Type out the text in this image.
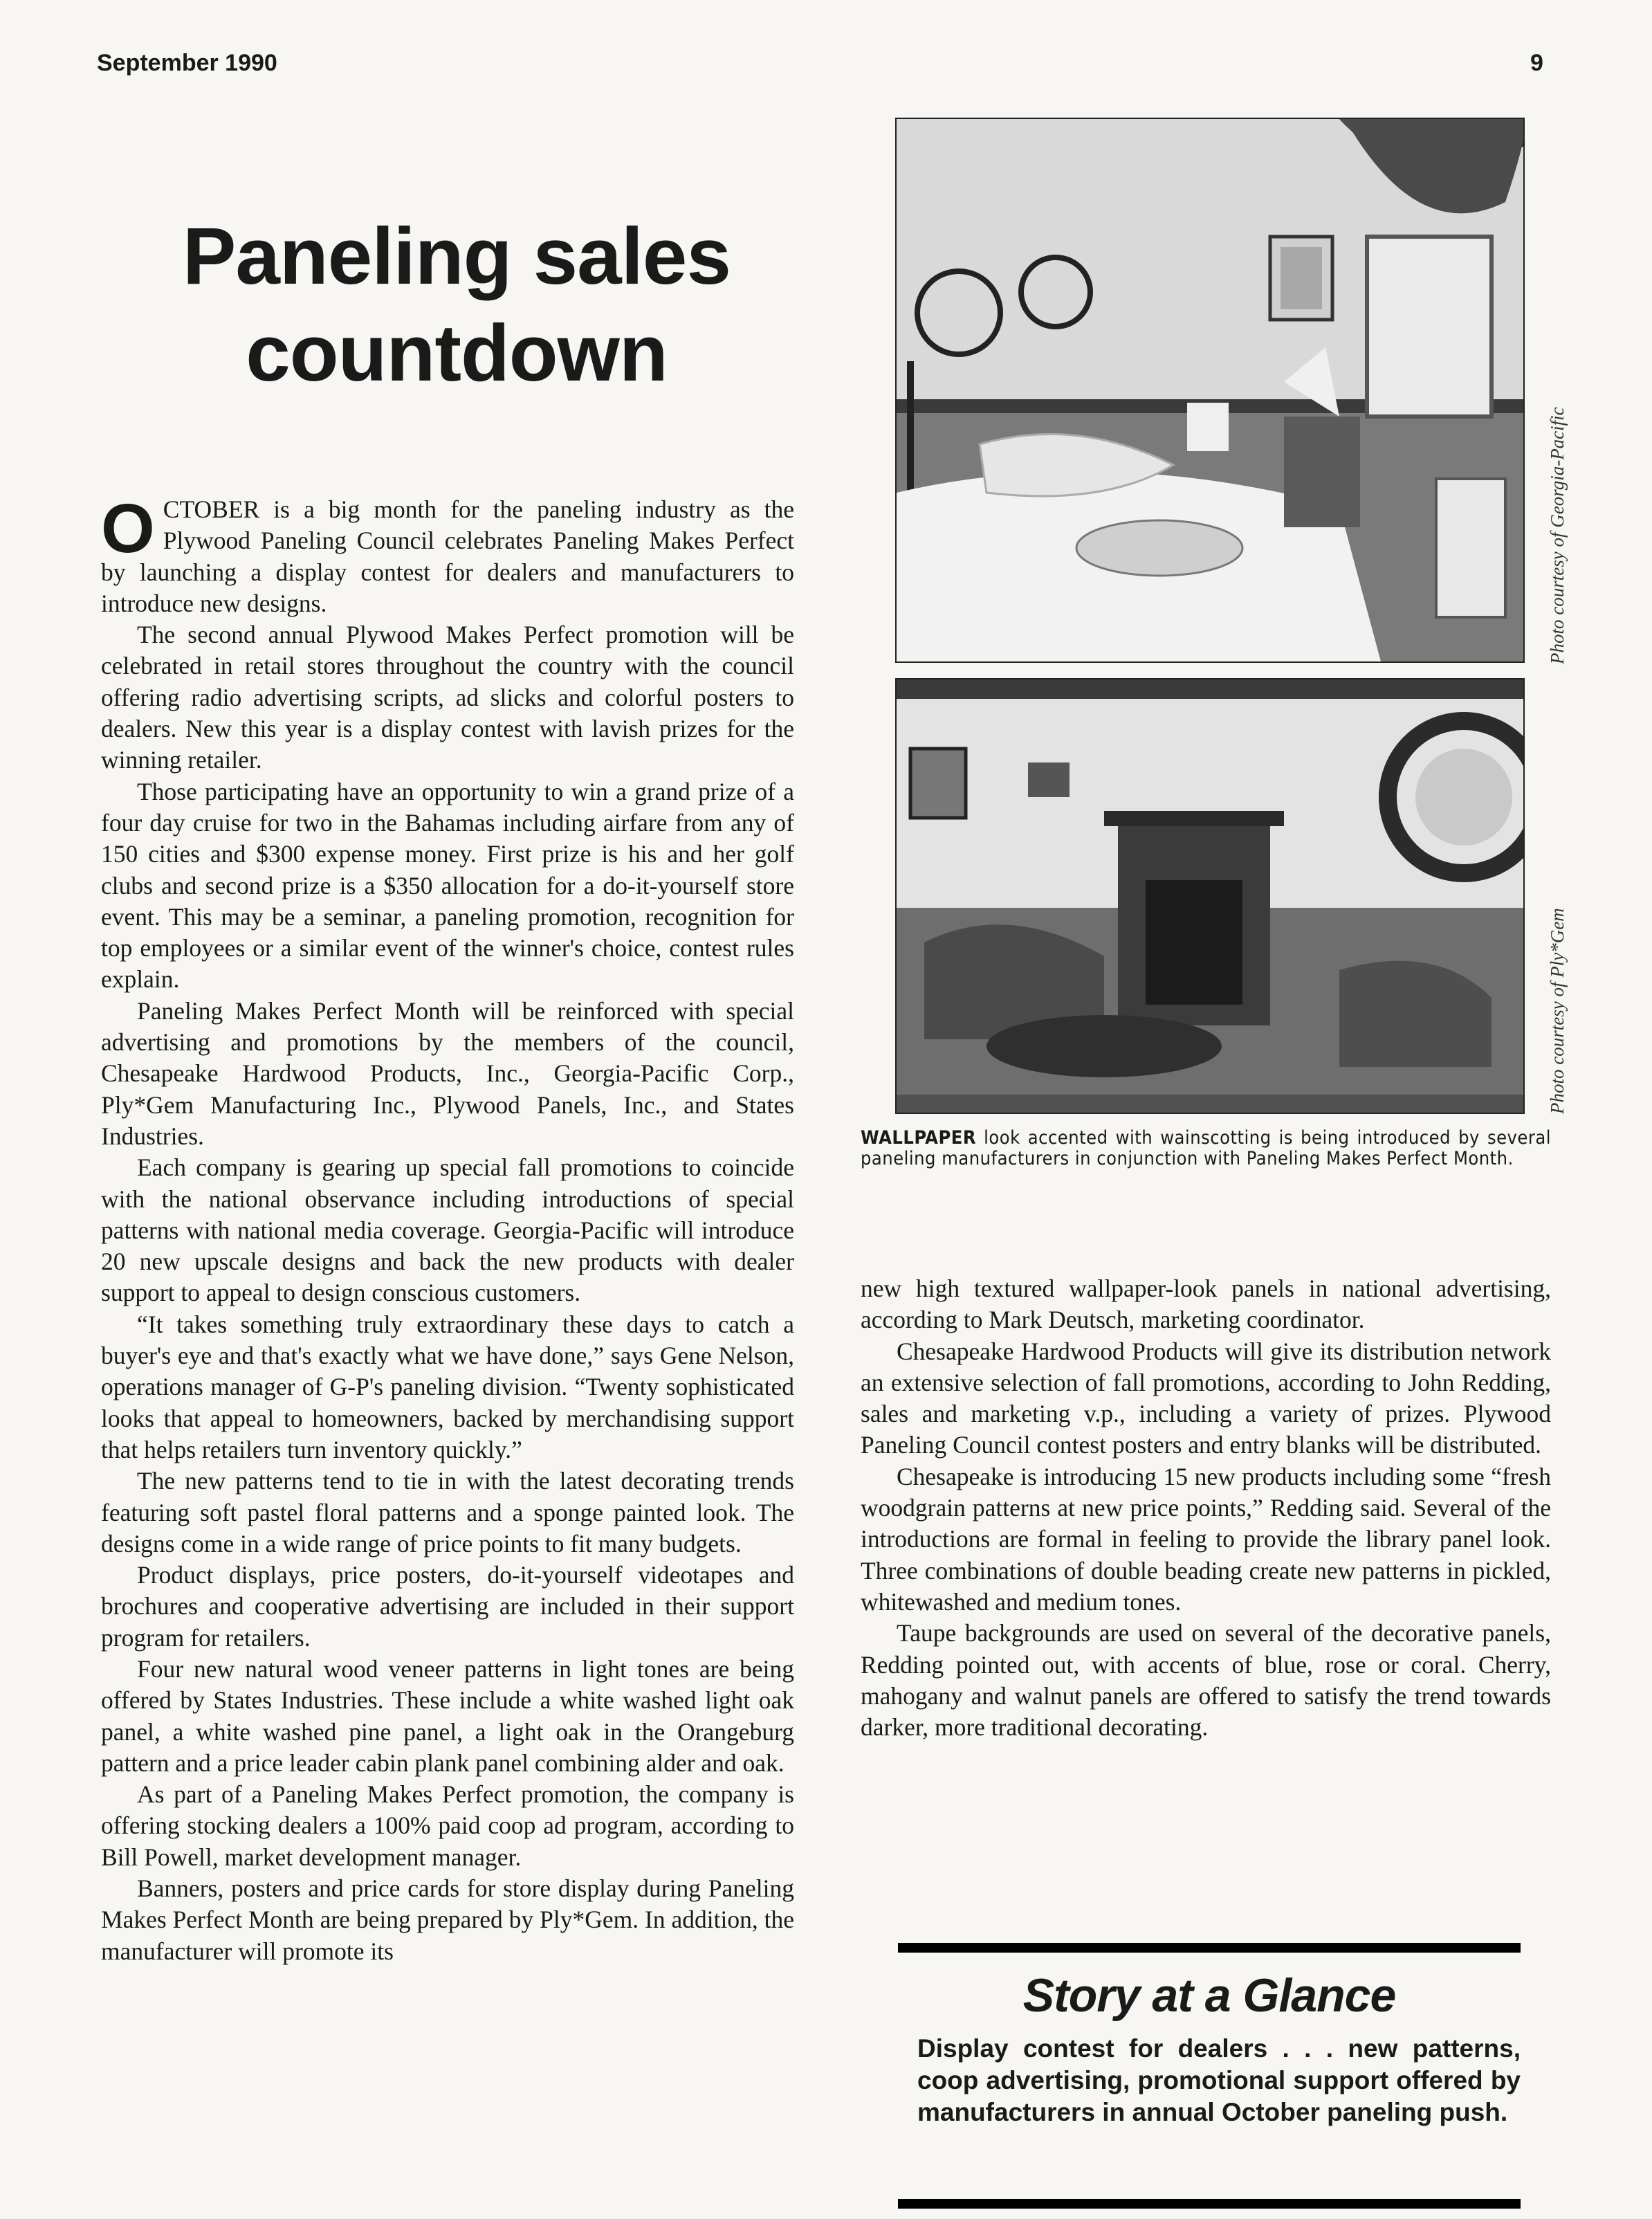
September 1990	9
Paneling sales
countdown

OCTOBER is a big month for the paneling industry as the Plywood Paneling Council celebrates Paneling Makes Perfect by launching a display contest for dealers and manufacturers to introduce new designs.

The second annual Plywood Makes Perfect promotion will be celebrated in retail stores throughout the country with the council offering radio advertising scripts, ad slicks and colorful posters to dealers. New this year is a display contest with lavish prizes for the winning retailer.

Those participating have an opportunity to win a grand prize of a four day cruise for two in the Bahamas including airfare from any of 150 cities and $300 expense money. First prize is his and her golf clubs and second prize is a $350 allocation for a do-it-yourself store event. This may be a seminar, a paneling promotion, recognition for top employees or a similar event of the winner's choice, contest rules explain.

Paneling Makes Perfect Month will be reinforced with special advertising and promotions by the members of the council, Chesapeake Hardwood Products, Inc., Georgia-Pacific Corp., Ply*Gem Manufacturing Inc., Plywood Panels, Inc., and States Industries.

Each company is gearing up special fall promotions to coincide with the national observance including introductions of special patterns with national media coverage. Georgia-Pacific will introduce 20 new upscale designs and back the new products with dealer support to appeal to design conscious customers.

“It takes something truly extraordinary these days to catch a buyer's eye and that's exactly what we have done,” says Gene Nelson, operations manager of G-P's paneling division. “Twenty sophisticated looks that appeal to homeowners, backed by merchandising support that helps retailers turn inventory quickly.”

The new patterns tend to tie in with the latest decorating trends featuring soft pastel floral patterns and a sponge painted look. The designs come in a wide range of price points to fit many budgets.

Product displays, price posters, do-it-yourself videotapes and brochures and cooperative advertising are included in their support program for retailers.

Four new natural wood veneer patterns in light tones are being offered by States Industries. These include a white washed light oak panel, a white washed pine panel, a light oak in the Orangeburg pattern and a price leader cabin plank panel combining alder and oak.

As part of a Paneling Makes Perfect promotion, the company is offering stocking dealers a 100% paid coop ad program, according to Bill Powell, market development manager.

Banners, posters and price cards for store display during Paneling Makes Perfect Month are being prepared by Ply*Gem. In addition, the manufacturer will promote its

Photo courtesy of Georgia-Pacific
Photo courtesy of Ply*Gem

WALLPAPER look accented with wainscotting is being introduced by several paneling manufacturers in conjunction with Paneling Makes Perfect Month.

new high textured wallpaper-look panels in national advertising, according to Mark Deutsch, marketing coordinator.

Chesapeake Hardwood Products will give its distribution network an extensive selection of fall promotions, according to John Redding, sales and marketing v.p., including a variety of prizes. Plywood Paneling Council contest posters and entry blanks will be distributed.

Chesapeake is introducing 15 new products including some “fresh woodgrain patterns at new price points,” Redding said. Several of the introductions are formal in feeling to provide the library panel look. Three combinations of double beading create new patterns in pickled, whitewashed and medium tones.

Taupe backgrounds are used on several of the decorative panels, Redding pointed out, with accents of blue, rose or coral. Cherry, mahogany and walnut panels are offered to satisfy the trend towards darker, more traditional decorating.

Story at a Glance

Display contest for dealers . . . new patterns, coop advertising, promotional support offered by manufacturers in annual October paneling push.
